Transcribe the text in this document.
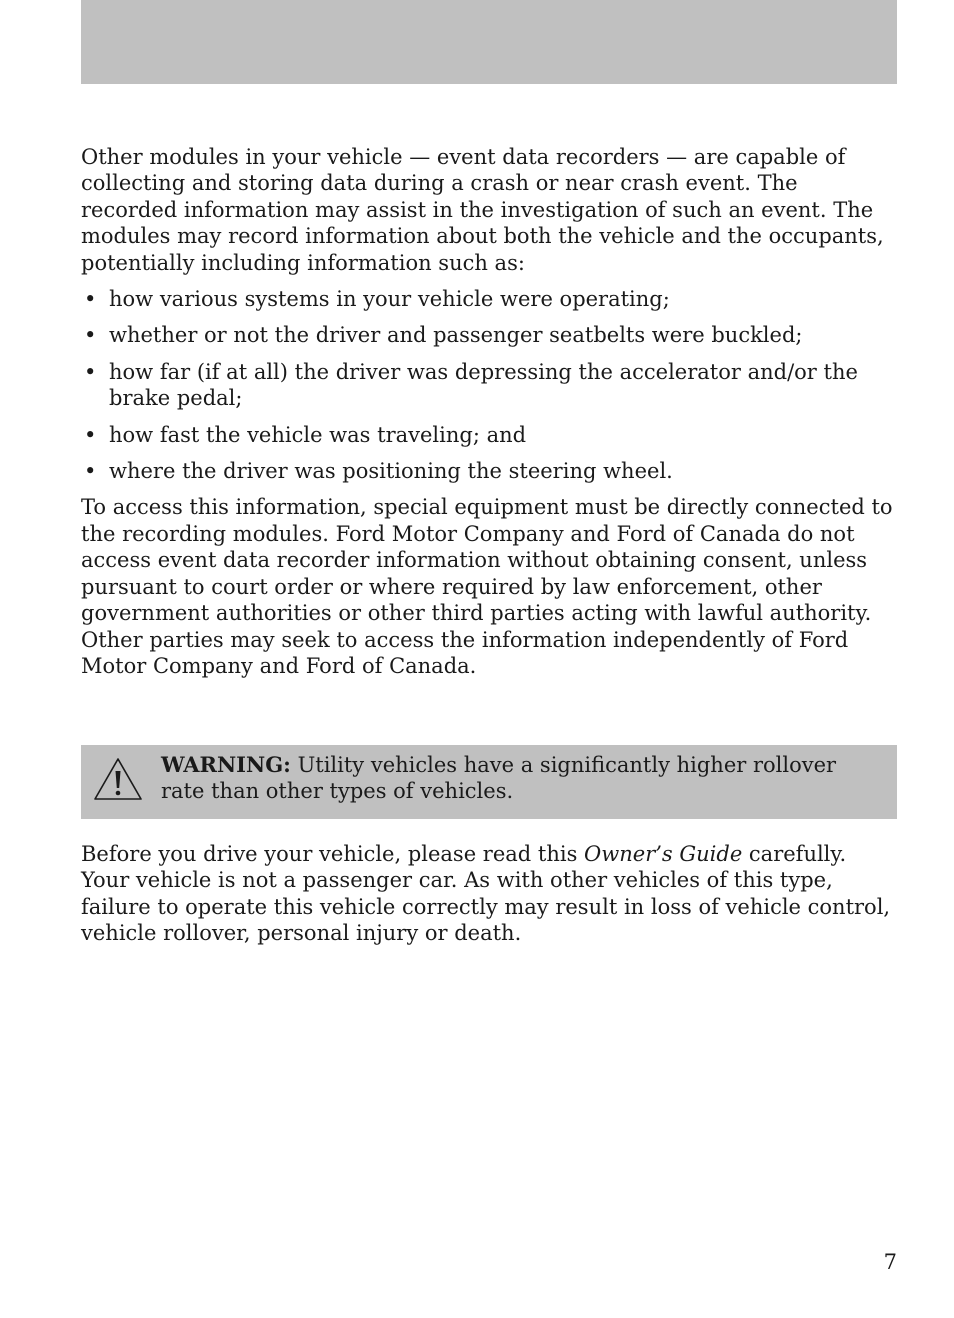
Other modules in your vehicle — event data recorders — are capable of collecting and storing data during a crash or near crash event. The recorded information may assist in the investigation of such an event. The modules may record information about both the vehicle and the occupants, potentially including information such as:

• how various systems in your vehicle were operating;
• whether or not the driver and passenger seatbelts were buckled;
• how far (if at all) the driver was depressing the accelerator and/or the brake pedal;
• how fast the vehicle was traveling; and
• where the driver was positioning the steering wheel.

To access this information, special equipment must be directly connected to the recording modules. Ford Motor Company and Ford of Canada do not access event data recorder information without obtaining consent, unless pursuant to court order or where required by law enforcement, other government authorities or other third parties acting with lawful authority. Other parties may seek to access the information independently of Ford Motor Company and Ford of Canada.

WARNING: Utility vehicles have a significantly higher rollover rate than other types of vehicles.

Before you drive your vehicle, please read this Owner’s Guide carefully. Your vehicle is not a passenger car. As with other vehicles of this type, failure to operate this vehicle correctly may result in loss of vehicle control, vehicle rollover, personal injury or death.

7
